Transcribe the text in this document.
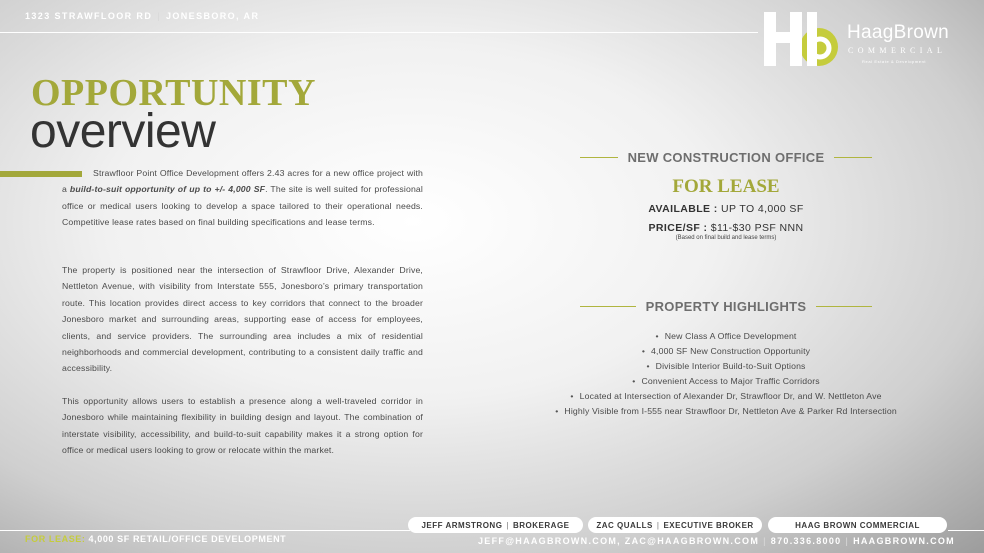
1323 STRAWFLOOR RD | JONESBORO, AR
HaagBrown
COMMERCIAL
Real Estate & Development
OPPORTUNITY
overview

Strawfloor Point Office Development offers 2.43 acres for a new office project with a build-to-suit opportunity of up to +/- 4,000 SF. The site is well suited for professional office or medical users looking to develop a space tailored to their operational needs. Competitive lease rates based on final building specifications and lease terms.

The property is positioned near the intersection of Strawfloor Drive, Alexander Drive, Nettleton Avenue, with visibility from Interstate 555, Jonesboro’s primary transportation route. This location provides direct access to key corridors that connect to the broader Jonesboro market and surrounding areas, supporting ease of access for employees, clients, and service providers. The surrounding area includes a mix of residential neighborhoods and commercial development, contributing to a consistent daily traffic and accessibility.

This opportunity allows users to establish a presence along a well-traveled corridor in Jonesboro while maintaining flexibility in building design and layout. The combination of interstate visibility, accessibility, and build-to-suit capability makes it a strong option for office or medical users looking to grow or relocate within the market.

NEW CONSTRUCTION OFFICE
FOR LEASE
AVAILABLE : UP TO 4,000 SF
PRICE/SF : $11-$30 PSF NNN
(Based on final build and lease terms)
PROPERTY HIGHLIGHTS
• New Class A Office Development
• 4,000 SF New Construction Opportunity
• Divisible Interior Build-to-Suit Options
• Convenient Access to Major Traffic Corridors
• Located at Intersection of Alexander Dr, Strawfloor Dr, and W. Nettleton Ave
• Highly Visible from I-555 near Strawfloor Dr, Nettleton Ave & Parker Rd Intersection
JEFF ARMSTRONG | BROKERAGE	ZAC QUALLS | EXECUTIVE BROKER	HAAG BROWN COMMERCIAL
FOR LEASE: 4,000 SF RETAIL/OFFICE DEVELOPMENT	JEFF@HAAGBROWN.COM, ZAC@HAAGBROWN.COM | 870.336.8000 | HAAGBROWN.COM
